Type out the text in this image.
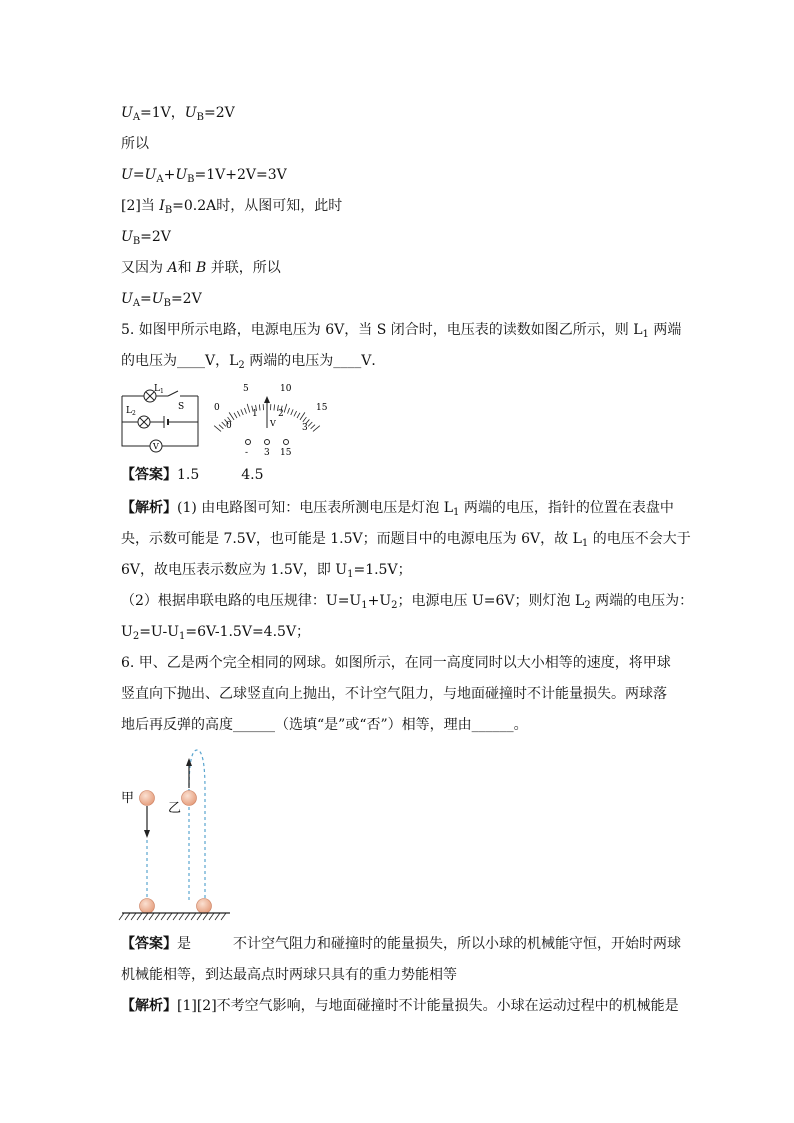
$U_A=1V$，$U_B=2V$
所以
$U=U_A+U_B=1V+2V=3V$
[2]当 $I_B=0.2A$时，从图可知，此时
$U_B=2V$
又因为 A和 B 并联，所以
$U_A=U_B=2V$
5. 如图甲所示电路，电源电压为 6V，当 S 闭合时，电压表的读数如图乙所示，则 $L_1$ 两端
的电压为____V，$L_2$ 两端的电压为____V．
$L_1$
$L_2$
S
V
0
5	10
15
0
1 2
3
V
- 3 15
【答案】1.5	4.5
【解析】(1) 由电路图可知：电压表所测电压是灯泡 $L_1$ 两端的电压，指针的位置在表盘中
央，示数可能是 7.5V，也可能是 1.5V；而题目中的电源电压为 6V，故 $L_1$ 的电压不会大于
6V，故电压表示数应为 1.5V，即 $U_1=1.5V$；
（2）根据串联电路的电压规律：$U=U_1+U_2$；电源电压 U=6V；则灯泡 $L_2$ 两端的电压为：
$U_2=U-U_1=6V-1.5V=4.5V$；
6. 甲、乙是两个完全相同的网球。如图所示，在同一高度同时以大小相等的速度，将甲球
竖直向下抛出、乙球竖直向上抛出，不计空气阻力，与地面碰撞时不计能量损失。两球落
地后再反弹的高度______（选填“是”或“否”）相等，理由______。
甲
乙
【答案】是	不计空气阻力和碰撞时的能量损失，所以小球的机械能守恒，开始时两球
机械能相等，到达最高点时两球只具有的重力势能相等
【解析】[1][2]不考空气影响，与地面碰撞时不计能量损失。小球在运动过程中的机械能是
